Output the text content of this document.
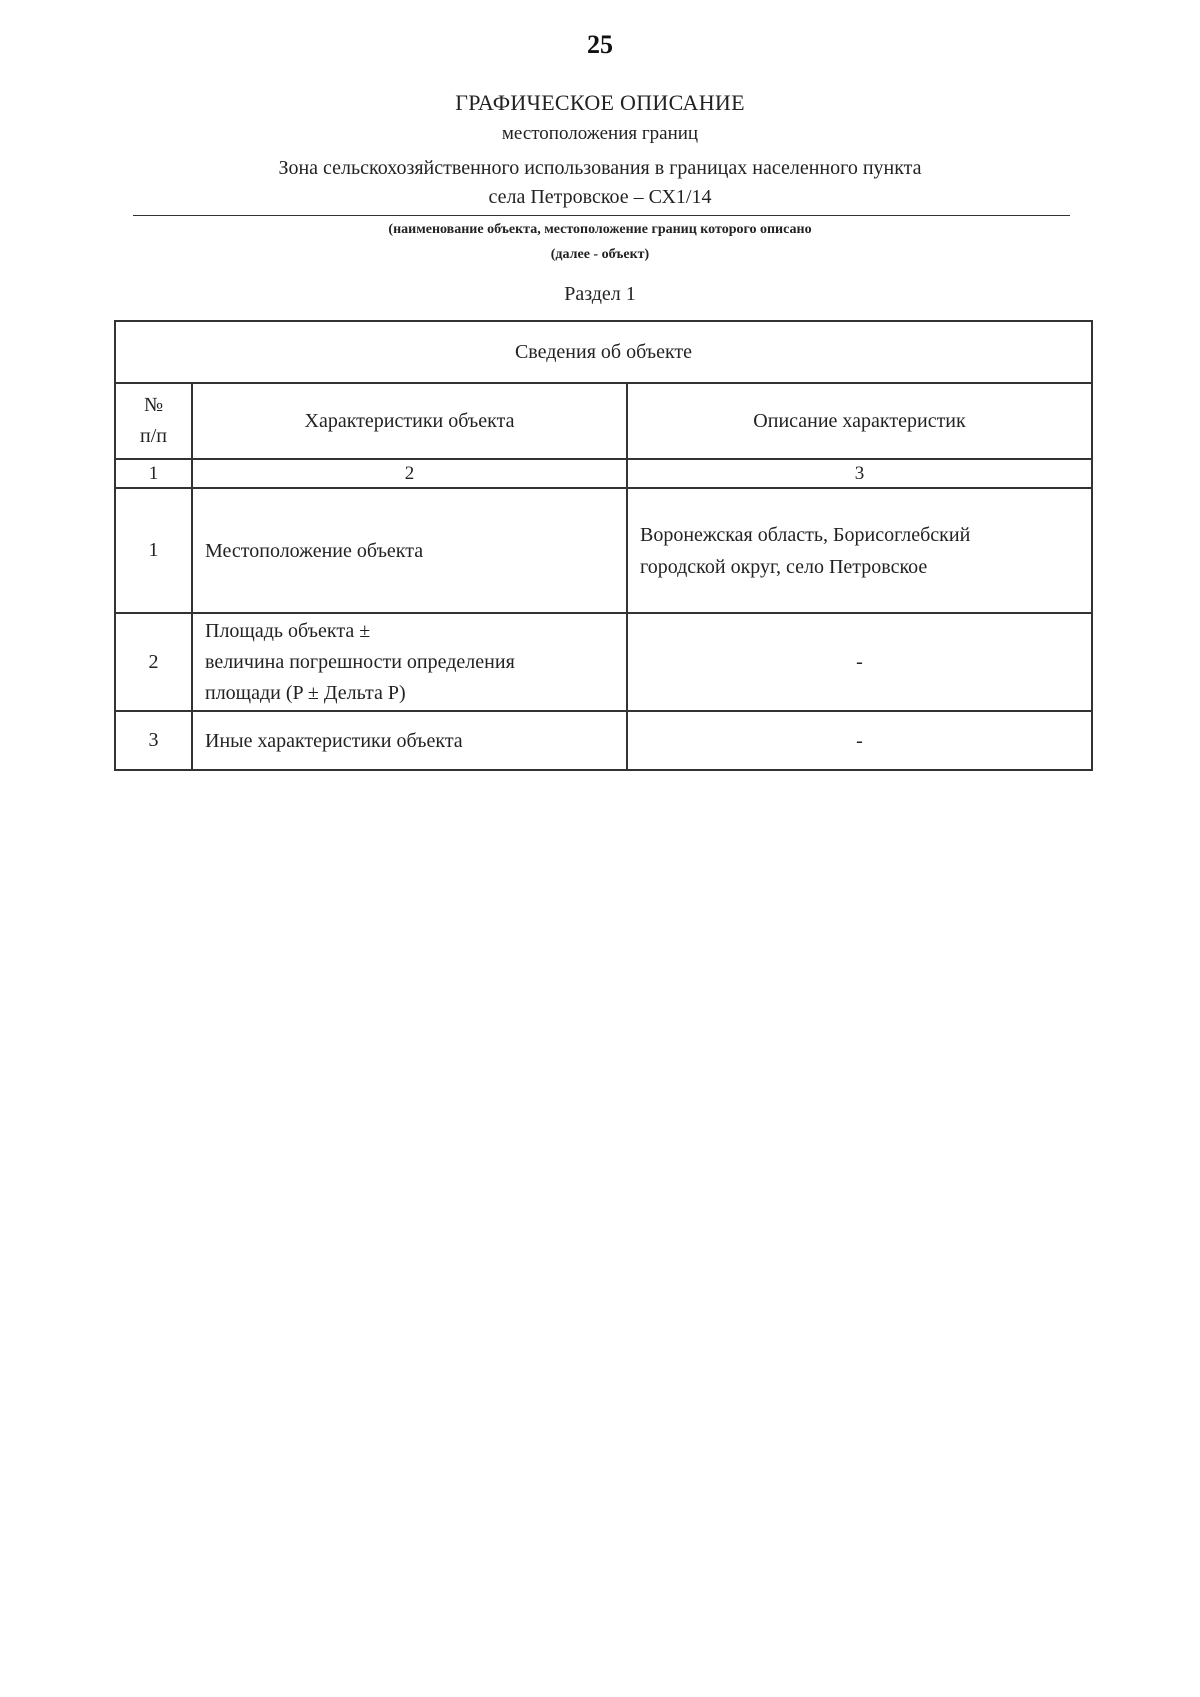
25
ГРАФИЧЕСКОЕ ОПИСАНИЕ
местоположения границ
Зона сельскохозяйственного использования в границах населенного пункта
села Петровское – СХ1/14
(наименование объекта, местоположение границ которого описано
(далее - объект)
Раздел 1
Сведения об объекте		

№
п/п	Характеристики объекта	Описание характеристик
1	2	3
1	Местоположение объекта	Воронежская область, Борисоглебский
городской округ, село Петровское

2	Площадь объекта ±
величина погрешности определения
площади (P ± Дельта P)	-

3	Иные характеристики объекта	-
